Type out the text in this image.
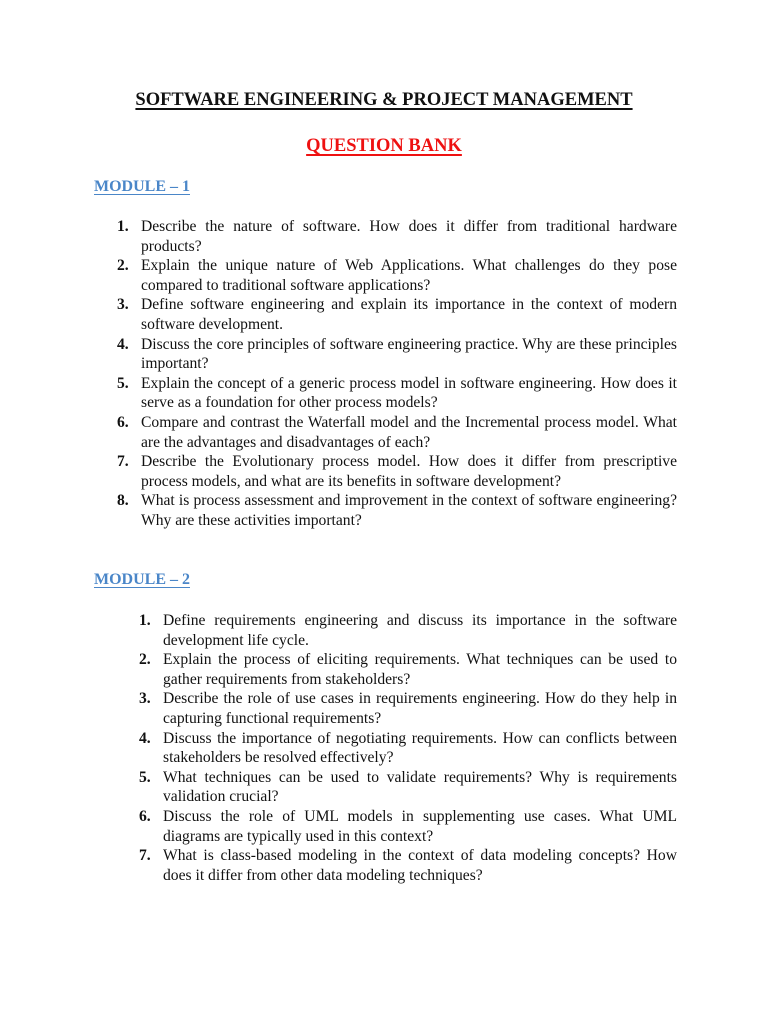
SOFTWARE ENGINEERING & PROJECT MANAGEMENT
QUESTION BANK
MODULE – 1
1. Describe the nature of software. How does it differ from traditional hardware products?
2. Explain the unique nature of Web Applications. What challenges do they pose compared to traditional software applications?
3. Define software engineering and explain its importance in the context of modern software development.
4. Discuss the core principles of software engineering practice. Why are these principles important?
5. Explain the concept of a generic process model in software engineering. How does it serve as a foundation for other process models?
6. Compare and contrast the Waterfall model and the Incremental process model. What are the advantages and disadvantages of each?
7. Describe the Evolutionary process model. How does it differ from prescriptive process models, and what are its benefits in software development?
8. What is process assessment and improvement in the context of software engineering? Why are these activities important?
MODULE – 2
1. Define requirements engineering and discuss its importance in the software development life cycle.
2. Explain the process of eliciting requirements. What techniques can be used to gather requirements from stakeholders?
3. Describe the role of use cases in requirements engineering. How do they help in capturing functional requirements?
4. Discuss the importance of negotiating requirements. How can conflicts between stakeholders be resolved effectively?
5. What techniques can be used to validate requirements? Why is requirements validation crucial?
6. Discuss the role of UML models in supplementing use cases. What UML diagrams are typically used in this context?
7. What is class-based modeling in the context of data modeling concepts? How does it differ from other data modeling techniques?
